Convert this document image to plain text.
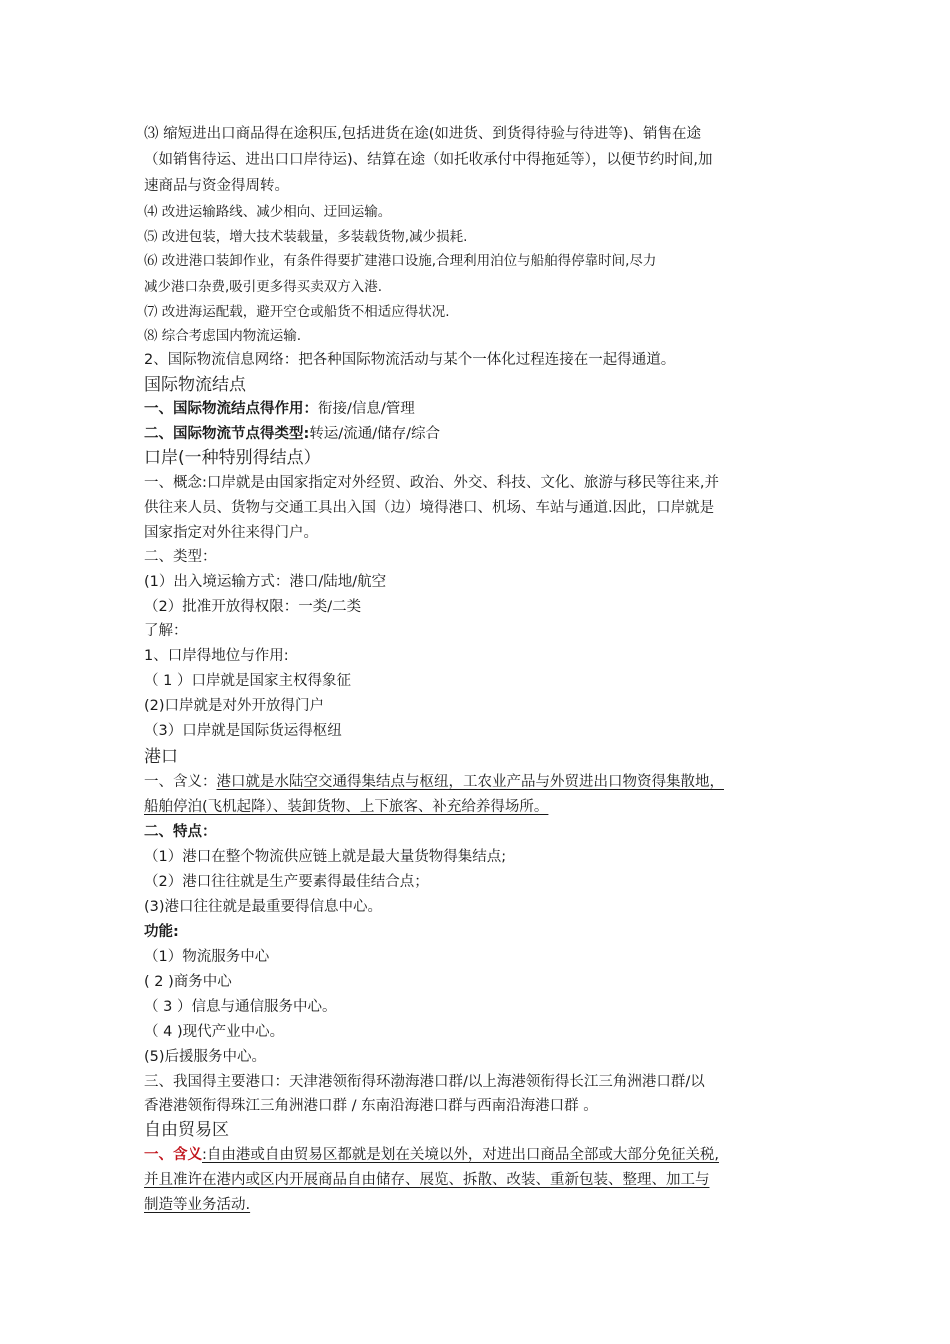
⑶ 缩短进出口商品得在途积压,包括进货在途(如进货、到货得待验与待进等)、销售在途
（如销售待运、进出口口岸待运)、结算在途（如托收承付中得拖延等），以便节约时间,加
速商品与资金得周转。
⑷ 改进运输路线、减少相向、迂回运输。
⑸ 改进包装，增大技术装载量，多装载货物,减少损耗.
⑹ 改进港口装卸作业，有条件得要扩建港口设施,合理利用泊位与船舶得停靠时间,尽力
减少港口杂费,吸引更多得买卖双方入港.
⑺ 改进海运配载，避开空仓或船货不相适应得状况.
⑻ 综合考虑国内物流运输.
2、国际物流信息网络：把各种国际物流活动与某个一体化过程连接在一起得通道。
国际物流结点
一、国际物流结点得作用：衔接/信息/管理
二、国际物流节点得类型:转运/流通/储存/综合
口岸(一种特别得结点）
一、概念:口岸就是由国家指定对外经贸、政治、外交、科技、文化、旅游与移民等往来,并
供往来人员、货物与交通工具出入国（边）境得港口、机场、车站与通道.因此，口岸就是
国家指定对外往来得门户。
二、类型：
(1）出入境运输方式：港口/陆地/航空
（2）批准开放得权限：一类/二类
了解：
1、口岸得地位与作用:
（ 1 ）口岸就是国家主权得象征
(2)口岸就是对外开放得门户
（3）口岸就是国际货运得枢纽
港口
一、含义：港口就是水陆空交通得集结点与枢纽，工农业产品与外贸进出口物资得集散地，
船舶停泊(飞机起降）、装卸货物、上下旅客、补充给养得场所。
二、特点：
（1）港口在整个物流供应链上就是最大量货物得集结点;
（2）港口往往就是生产要素得最佳结合点；
(3)港口往往就是最重要得信息中心。
功能:
（1）物流服务中心
( 2 )商务中心
（ 3 ）信息与通信服务中心。
（ 4 )现代产业中心。
(5)后援服务中心。
三、我国得主要港口：天津港领衔得环渤海港口群/以上海港领衔得长江三角洲港口群/以
香港港领衔得珠江三角洲港口群 / 东南沿海港口群与西南沿海港口群 。
自由贸易区
一、含义:自由港或自由贸易区都就是划在关境以外，对进出口商品全部或大部分免征关税,
并且准许在港内或区内开展商品自由储存、展览、拆散、改装、重新包装、整理、加工与
制造等业务活动.
